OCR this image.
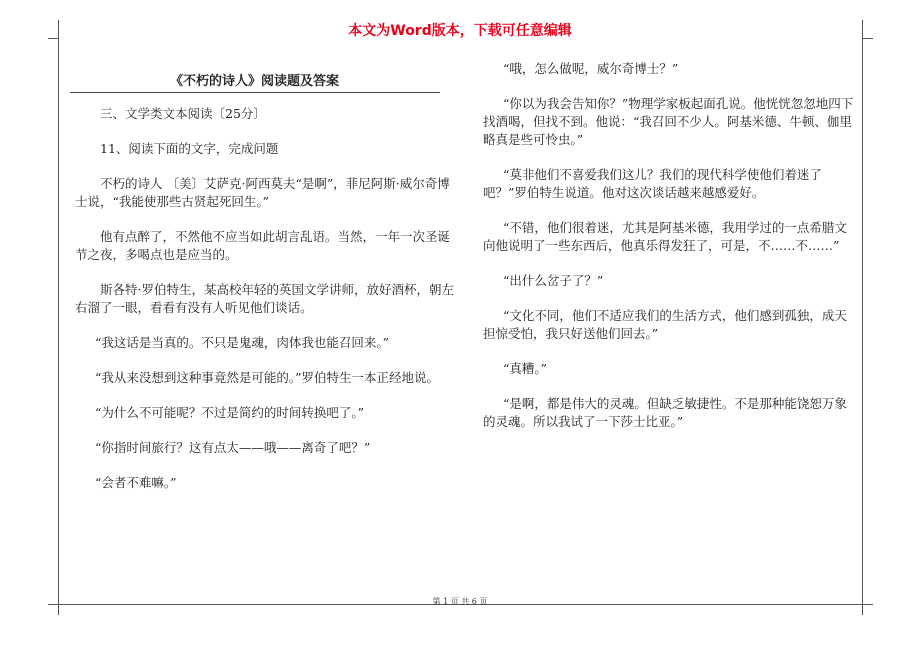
本文为Word版本，下载可任意编辑

《不朽的诗人》阅读题及答案

三、文学类文本阅读〔25分〕

11、阅读下面的文字，完成问题

不朽的诗人 〔美〕艾萨克·阿西莫夫“是啊”，菲尼阿斯·威尔奇博士说，“我能使那些古贤起死回生。”

他有点醉了，不然他不应当如此胡言乱语。当然，一年一次圣诞节之夜，多喝点也是应当的。

斯各特·罗伯特生，某高校年轻的英国文学讲师，放好酒杯，朝左右溜了一眼，看看有没有人听见他们谈话。

“我这话是当真的。不只是鬼魂，肉体我也能召回来。”

“我从来没想到这种事竟然是可能的。”罗伯特生一本正经地说。

“为什么不可能呢？不过是简约的时间转换吧了。”

“你指时间旅行？这有点太——哦——离奇了吧？”

“会者不难嘛。”

“哦，怎么做呢，威尔奇博士？”

“你以为我会告知你？”物理学家板起面孔说。他恍恍忽忽地四下找酒喝，但找不到。他说：“我召回不少人。阿基米德、牛顿、伽里略真是些可怜虫。”

“莫非他们不喜爱我们这儿？我们的现代科学使他们着迷了吧？”罗伯特生说道。他对这次谈话越来越感爱好。

“不错，他们很着迷，尤其是阿基米德，我用学过的一点希腊文向他说明了一些东西后，他真乐得发狂了，可是，不……不……”

“出什么岔子了？”

“文化不同，他们不适应我们的生活方式，他们感到孤独，成天担惊受怕，我只好送他们回去。”

“真糟。”

“是啊，都是伟大的灵魂。但缺乏敏捷性。不是那种能饶恕万象的灵魂。所以我试了一下莎士比亚。”

第 1 页 共 6 页
